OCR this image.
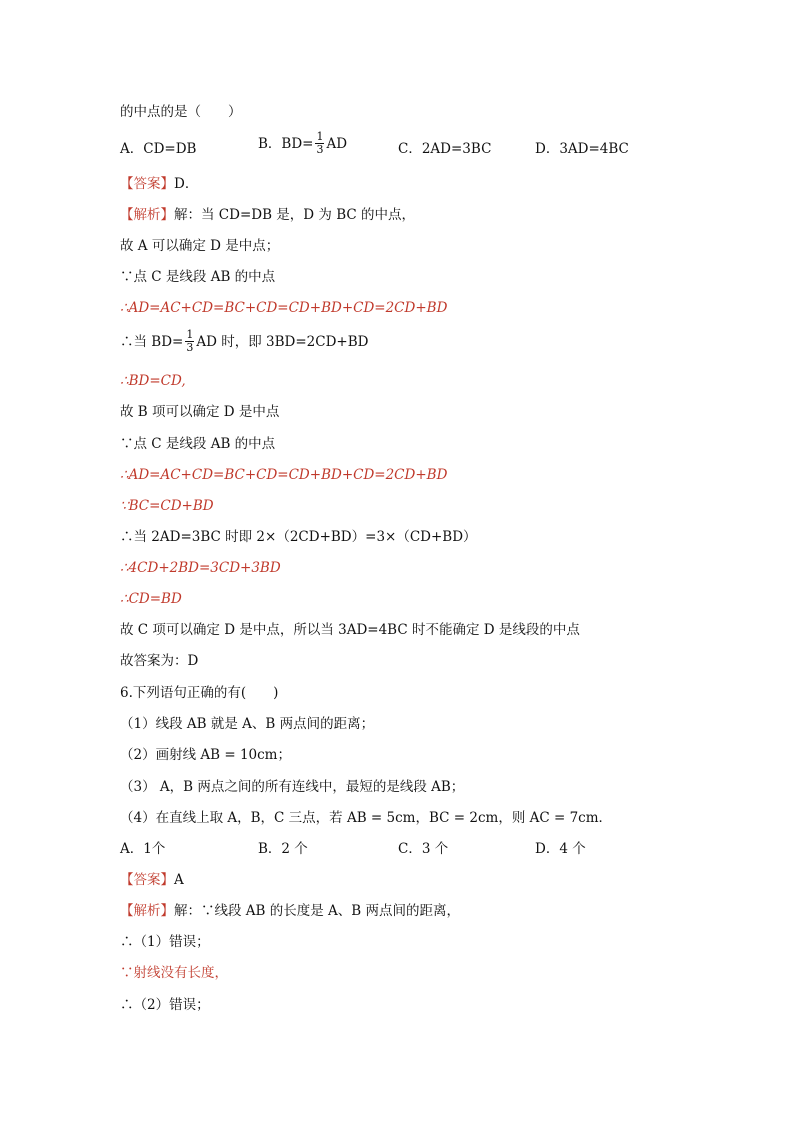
的中点的是（　　）
A．CD=DB	B．$BD= \frac{1}{3}$ AD	C．2AD=3BC	D．3AD=4BC
【答案】D．
【解析】解：当 CD=DB 是，D 为 BC 的中点，
故 A 可以确定 D 是中点；
∵点 C 是线段 AB 的中点
∴AD=AC+CD=BC+CD=CD+BD+CD=2CD+BD
∴当 $BD= \frac{1}{3}$ AD 时，即 3BD=2CD+BD
∴BD=CD,
故 B 项可以确定 D 是中点
∵点 C 是线段 AB 的中点
∴AD=AC+CD=BC+CD=CD+BD+CD=2CD+BD
∵BC=CD+BD
∴当 2AD=3BC 时即 2×（2CD+BD）=3×（CD+BD）
∴4CD+2BD=3CD+3BD
∴CD=BD
故 C 项可以确定 D 是中点，所以当 3AD=4BC 时不能确定 D 是线段的中点
故答案为：D
6.下列语句正确的有(　　)
（1）线段 AB 就是 A、B 两点间的距离；
（2）画射线 AB = 10cm；
（3） A，B 两点之间的所有连线中，最短的是线段 AB；
（4）在直线上取 A，B，C 三点，若 AB = 5cm，BC = 2cm，则 AC = 7cm．
A．1个	B．2 个	C．3 个	D．4 个
【答案】A
【解析】解：∵线段 AB 的长度是 A、B 两点间的距离，
∴（1）错误；
∵射线没有长度，
∴（2）错误；
